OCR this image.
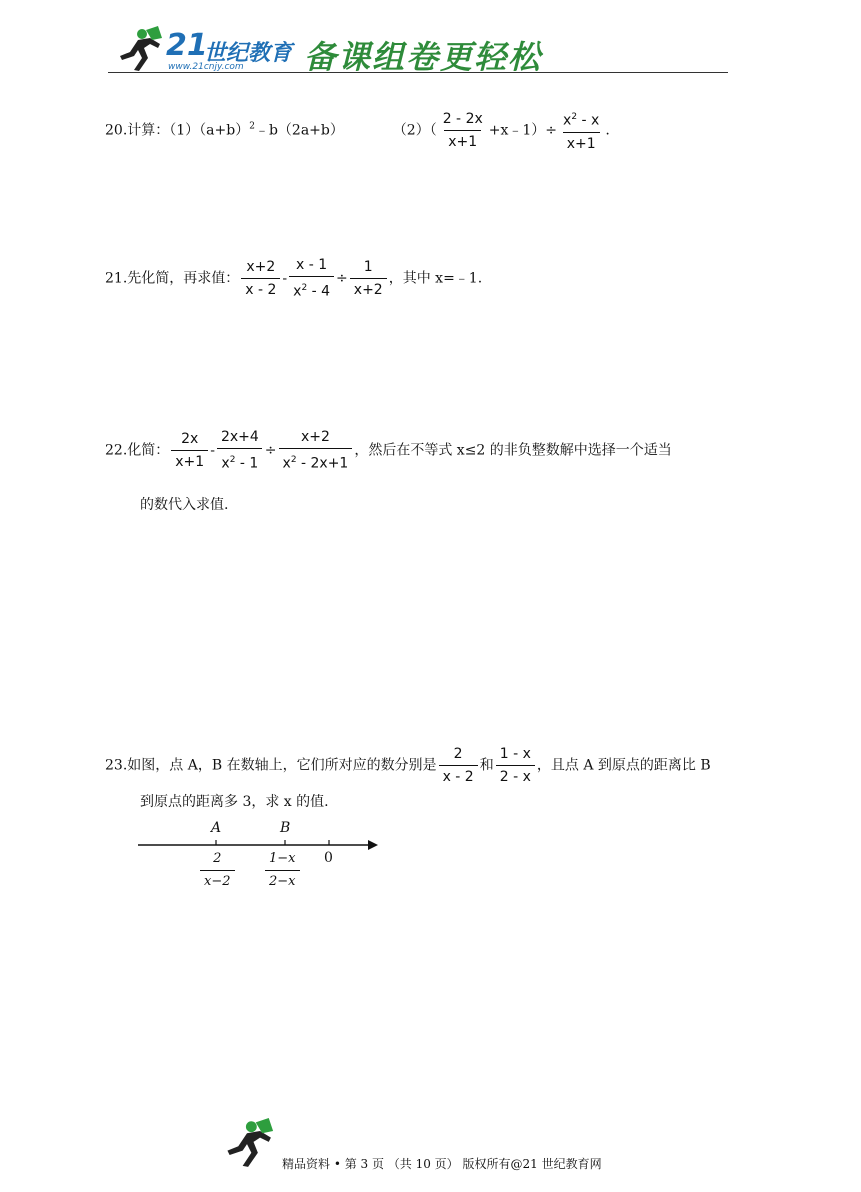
21
世纪教育
www.21cnjy.com 备课组卷更轻松
20.计算：$(1)(a+b)^2﹣b(2a+b)$	$(2)( \frac{2 - 2x}{x+1}$ +x﹣1）÷ $\frac{x^2 - x}{x+1}$ .
21.先化简，再求值： $\frac{x+2}{x - 2} - \frac{x - 1}{x^2 - 4} \div \frac{1}{x+2}$ ，其中 x=﹣1.
22.化简： $\frac{2x}{x+1} - \frac{2x+4}{x^2 - 1} \div \frac{x+2}{x^2 - 2x+1}$ ，然后在不等式 x≤2 的非负整数解中选择一个适当
的数代入求值.
23.如图，点 A，B 在数轴上，它们所对应的数分别是 $\frac{2}{x - 2}$ 和 $\frac{1 - x}{2 - x}$ ，且点 A 到原点的距离比 B
到原点的距离多 3，求 x 的值.
A	B
$\frac{2}{x-2} \frac{1-x}{2-x} 0$
精品资料 • 第 3 页 （共 10 页） 版权所有@21 世纪教育网
